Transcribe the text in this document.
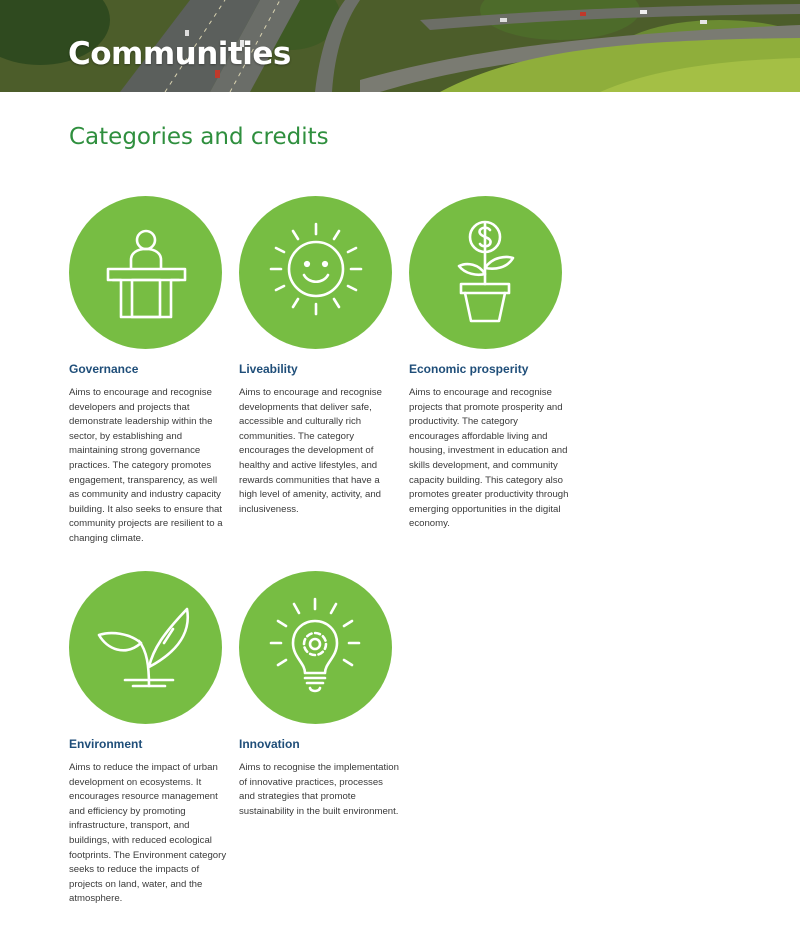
Communities
Categories and credits
Governance

Aims to encourage and recognise developers and projects that demonstrate leadership within the sector, by establishing and maintaining strong governance practices. The category promotes engagement, transparency, as well as community and industry capacity building. It also seeks to ensure that community projects are resilient to a changing climate.

Liveability

Aims to encourage and recognise developments that deliver safe, accessible and culturally rich communities. The category encourages the development of healthy and active lifestyles, and rewards communities that have a high level of amenity, activity, and inclusiveness.

Economic prosperity

Aims to encourage and recognise projects that promote prosperity and productivity. The category encourages affordable living and housing, investment in education and skills development, and community capacity building. This category also promotes greater productivity through emerging opportunities in the digital economy.

Environment

Aims to reduce the impact of urban development on ecosystems. It encourages resource management and efficiency by promoting infrastructure, transport, and buildings, with reduced ecological footprints. The Environment category seeks to reduce the impacts of projects on land, water, and the atmosphere.

Innovation

Aims to recognise the implementation of innovative practices, processes and strategies that promote sustainability in the built environment.
